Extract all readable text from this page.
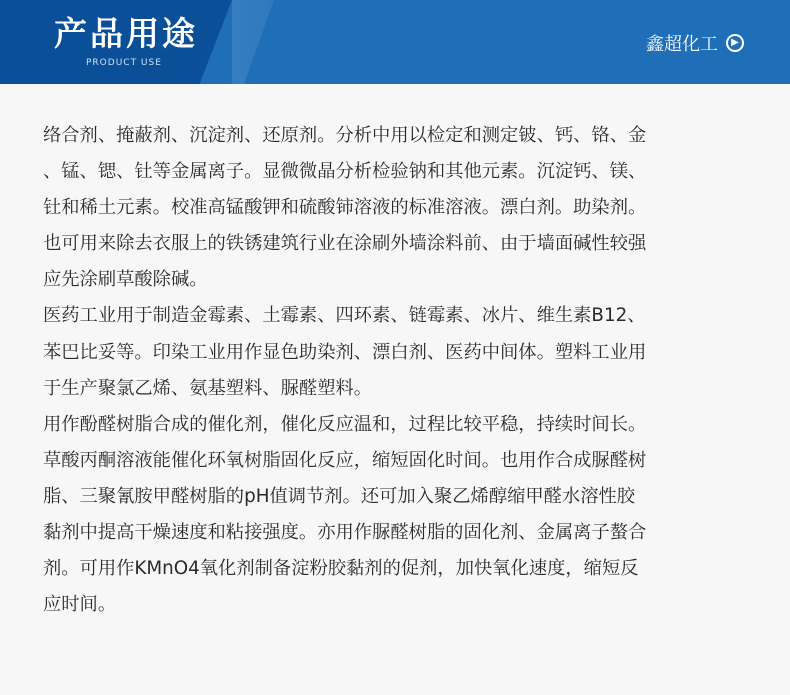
产品用途
PRODUCT USE
鑫超化工	▶

络合剂、掩蔽剂、沉淀剂、还原剂。分析中用以检定和测定铍、钙、铬、金

、锰、锶、钍等金属离子。显微微晶分析检验钠和其他元素。沉淀钙、镁、

钍和稀土元素。校准高锰酸钾和硫酸铈溶液的标准溶液。漂白剂。助染剂。

也可用来除去衣服上的铁锈建筑行业在涂刷外墙涂料前、由于墙面碱性较强

应先涂刷草酸除碱。

医药工业用于制造金霉素、土霉素、四环素、链霉素、冰片、维生素B12、

苯巴比妥等。印染工业用作显色助染剂、漂白剂、医药中间体。塑料工业用

于生产聚氯乙烯、氨基塑料、脲醛塑料。

用作酚醛树脂合成的催化剂，催化反应温和，过程比较平稳，持续时间长。

草酸丙酮溶液能催化环氧树脂固化反应，缩短固化时间。也用作合成脲醛树

脂、三聚氰胺甲醛树脂的pH值调节剂。还可加入聚乙烯醇缩甲醛水溶性胶

黏剂中提高干燥速度和粘接强度。亦用作脲醛树脂的固化剂、金属离子螯合

剂。可用作KMnO4氧化剂制备淀粉胶黏剂的促剂，加快氧化速度，缩短反

应时间。
